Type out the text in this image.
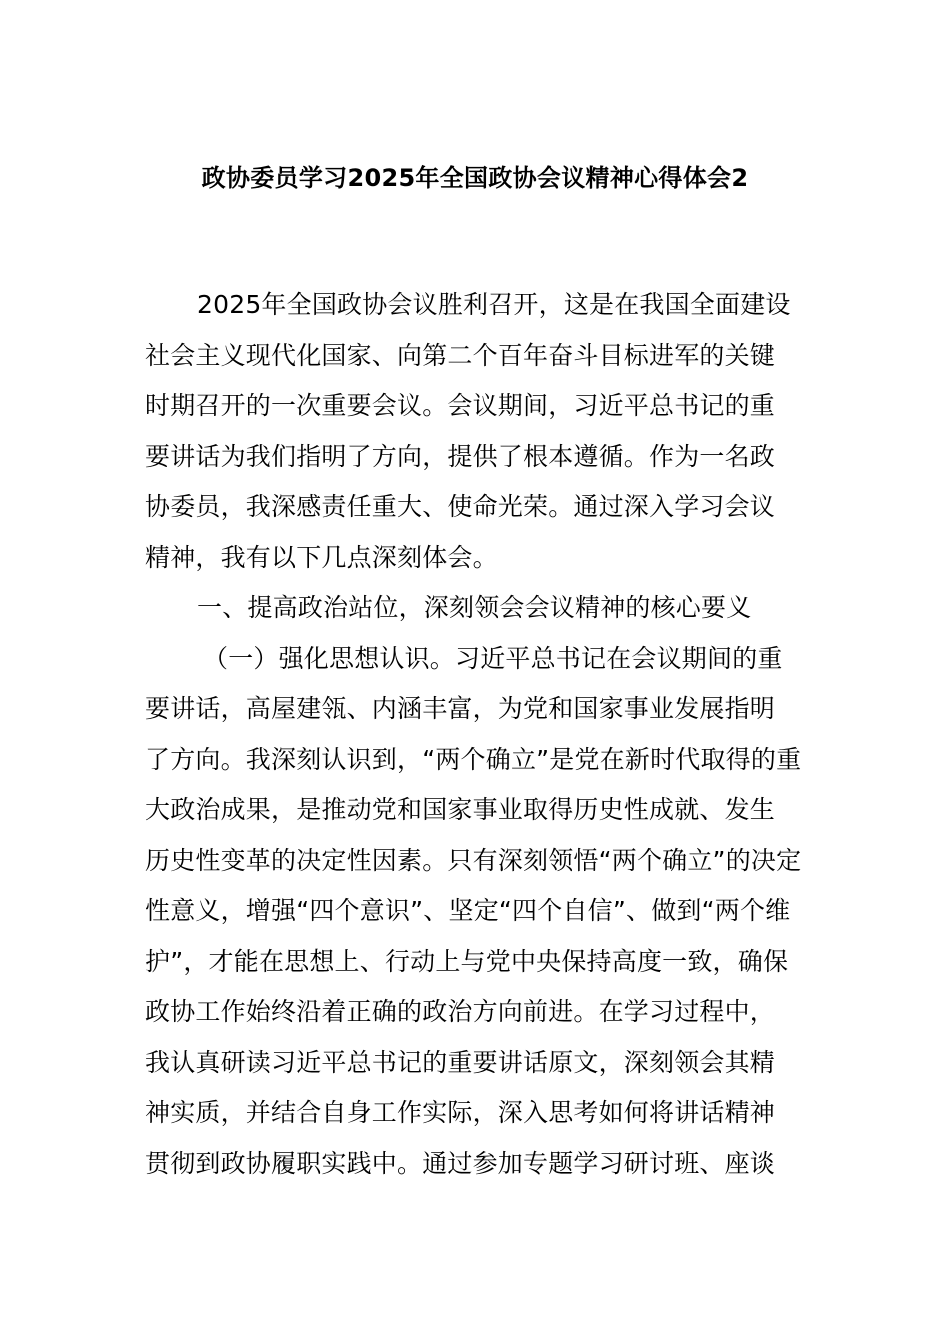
政协委员学习2025年全国政协会议精神心得体会2
2025年全国政协会议胜利召开，这是在我国全面建设
社会主义现代化国家、向第二个百年奋斗目标进军的关键
时期召开的一次重要会议。会议期间，习近平总书记的重
要讲话为我们指明了方向，提供了根本遵循。作为一名政
协委员，我深感责任重大、使命光荣。通过深入学习会议
精神，我有以下几点深刻体会。
一、提高政治站位，深刻领会会议精神的核心要义
（一）强化思想认识。习近平总书记在会议期间的重
要讲话，高屋建瓴、内涵丰富，为党和国家事业发展指明
了方向。我深刻认识到，“两个确立”是党在新时代取得的重
大政治成果，是推动党和国家事业取得历史性成就、发生
历史性变革的决定性因素。只有深刻领悟“两个确立”的决定
性意义，增强“四个意识”、坚定“四个自信”、做到“两个维
护”，才能在思想上、行动上与党中央保持高度一致，确保
政协工作始终沿着正确的政治方向前进。在学习过程中，
我认真研读习近平总书记的重要讲话原文，深刻领会其精
神实质，并结合自身工作实际，深入思考如何将讲话精神
贯彻到政协履职实践中。通过参加专题学习研讨班、座谈
